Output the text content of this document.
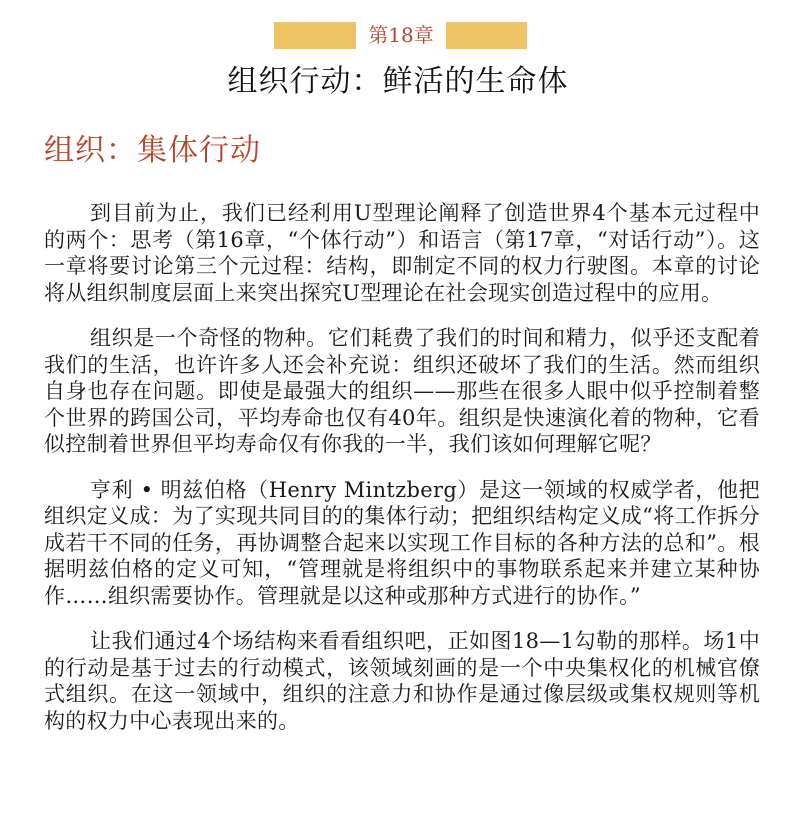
第18章
组织行动：鲜活的生命体
组织：集体行动

到目前为止，我们已经利用U型理论阐释了创造世界4个基本元过程中的两个：思考（第16章，“个体行动”）和语言（第17章，“对话行动”）。这一章将要讨论第三个元过程：结构，即制定不同的权力行驶图。本章的讨论将从组织制度层面上来突出探究U型理论在社会现实创造过程中的应用。

组织是一个奇怪的物种。它们耗费了我们的时间和精力，似乎还支配着我们的生活，也许许多人还会补充说：组织还破坏了我们的生活。然而组织自身也存在问题。即使是最强大的组织——那些在很多人眼中似乎控制着整个世界的跨国公司，平均寿命也仅有40年。组织是快速演化着的物种，它看似控制着世界但平均寿命仅有你我的一半，我们该如何理解它呢？

亨利 • 明兹伯格（Henry Mintzberg）是这一领域的权威学者，他把组织定义成：为了实现共同目的的集体行动；把组织结构定义成“将工作拆分成若干不同的任务，再协调整合起来以实现工作目标的各种方法的总和”。根据明兹伯格的定义可知，“管理就是将组织中的事物联系起来并建立某种协作……组织需要协作。管理就是以这种或那种方式进行的协作。”

让我们通过4个场结构来看看组织吧，正如图18—1勾勒的那样。场1中的行动是基于过去的行动模式，该领域刻画的是一个中央集权化的机械官僚式组织。在这一领域中，组织的注意力和协作是通过像层级或集权规则等机构的权力中心表现出来的。
